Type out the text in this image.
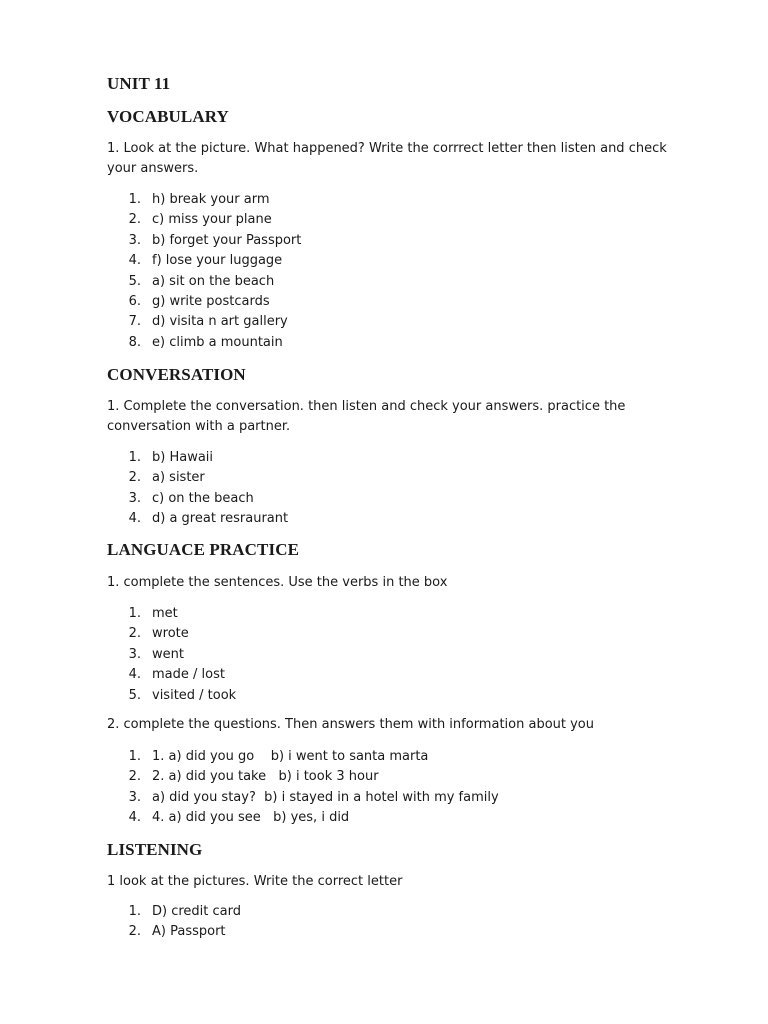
UNIT 11
VOCABULARY

1. Look at the picture. What happened? Write the corrrect letter then listen and check your answers.

1. h) break your arm
2. c) miss your plane
3. b) forget your Passport
4. f) lose your luggage
5. a) sit on the beach
6. g) write postcards
7. d) visita n art gallery
8. e) climb a mountain
CONVERSATION

1. Complete the conversation. then listen and check your answers. practice the conversation with a partner.

1. b) Hawaii
2. a) sister
3. c) on the beach
4. d) a great resraurant
LANGUACE PRACTICE

1. complete the sentences. Use the verbs in the box

1. met
2. wrote
3. went
4. made / lost
5. visited / took

2. complete the questions. Then answers them with information about you

1. 1. a) did you go    b) i went to santa marta
2. 2. a) did you take   b) i took 3 hour
3. a) did you stay?  b) i stayed in a hotel with my family
4. 4. a) did you see   b) yes, i did
LISTENING

1 look at the pictures. Write the correct letter

1. D) credit card
2. A) Passport
